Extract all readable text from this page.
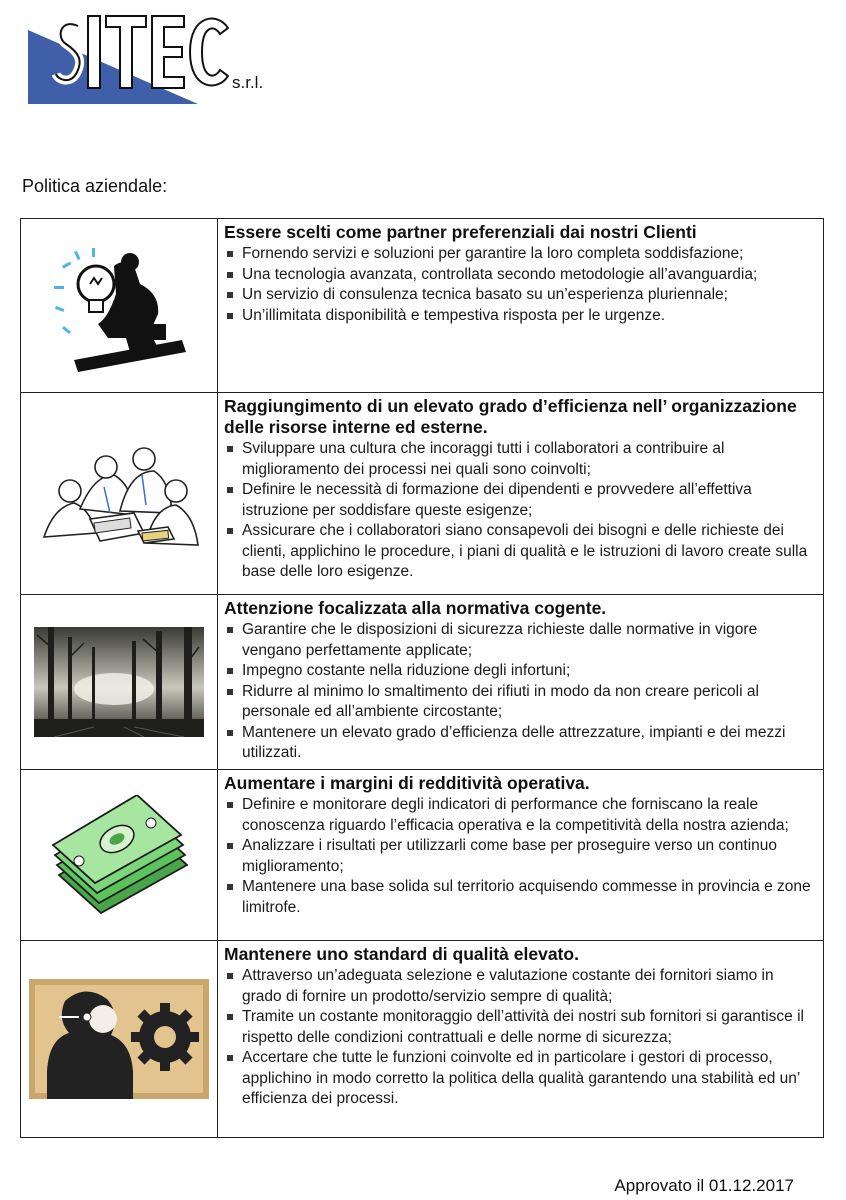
s.r.l.
Politica aziendale:
Essere scelti come partner preferenziali dai nostri Clienti
Fornendo servizi e soluzioni per garantire la loro completa soddisfazione;
Una tecnologia avanzata, controllata secondo metodologie all’avanguardia;
Un servizio di consulenza tecnica basato su un’esperienza pluriennale;
Un’illimitata disponibilità e tempestiva risposta per le urgenze.
Raggiungimento di un elevato grado d’efficienza nell’ organizzazione delle risorse interne ed esterne.
Sviluppare una cultura che incoraggi tutti i collaboratori a contribuire al miglioramento dei processi nei quali sono coinvolti;
Definire le necessità di formazione dei dipendenti e provvedere all’effettiva istruzione per soddisfare queste esigenze;
Assicurare che i collaboratori siano consapevoli dei bisogni e delle richieste dei clienti, applichino le procedure, i piani di qualità e le istruzioni di lavoro create sulla base delle loro esigenze.
Attenzione focalizzata alla normativa cogente.
Garantire che le disposizioni di sicurezza richieste dalle normative in vigore vengano perfettamente applicate;
Impegno costante nella riduzione degli infortuni;
Ridurre al minimo lo smaltimento dei rifiuti in modo da non creare pericoli al personale ed all’ambiente circostante;
Mantenere un elevato grado d’efficienza delle attrezzature, impianti e dei mezzi utilizzati.
Aumentare i margini di redditività operativa.
Definire e monitorare degli indicatori di performance che forniscano la reale conoscenza riguardo l’efficacia operativa e la competitività della nostra azienda;
Analizzare i risultati per utilizzarli come base per proseguire verso un continuo miglioramento;
Mantenere una base solida sul territorio acquisendo commesse in provincia e zone limitrofe.
Mantenere uno standard di qualità elevato.
Attraverso un’adeguata selezione e valutazione costante dei fornitori siamo in grado di fornire un prodotto/servizio sempre di qualità;
Tramite un costante monitoraggio dell’attività dei nostri sub fornitori si garantisce il rispetto delle condizioni contrattuali e delle norme di sicurezza;
Accertare che tutte le funzioni coinvolte ed in particolare i gestori di processo, applichino in modo corretto la politica della qualità garantendo una stabilità ed un’ efficienza dei processi.
Approvato il 01.12.2017
